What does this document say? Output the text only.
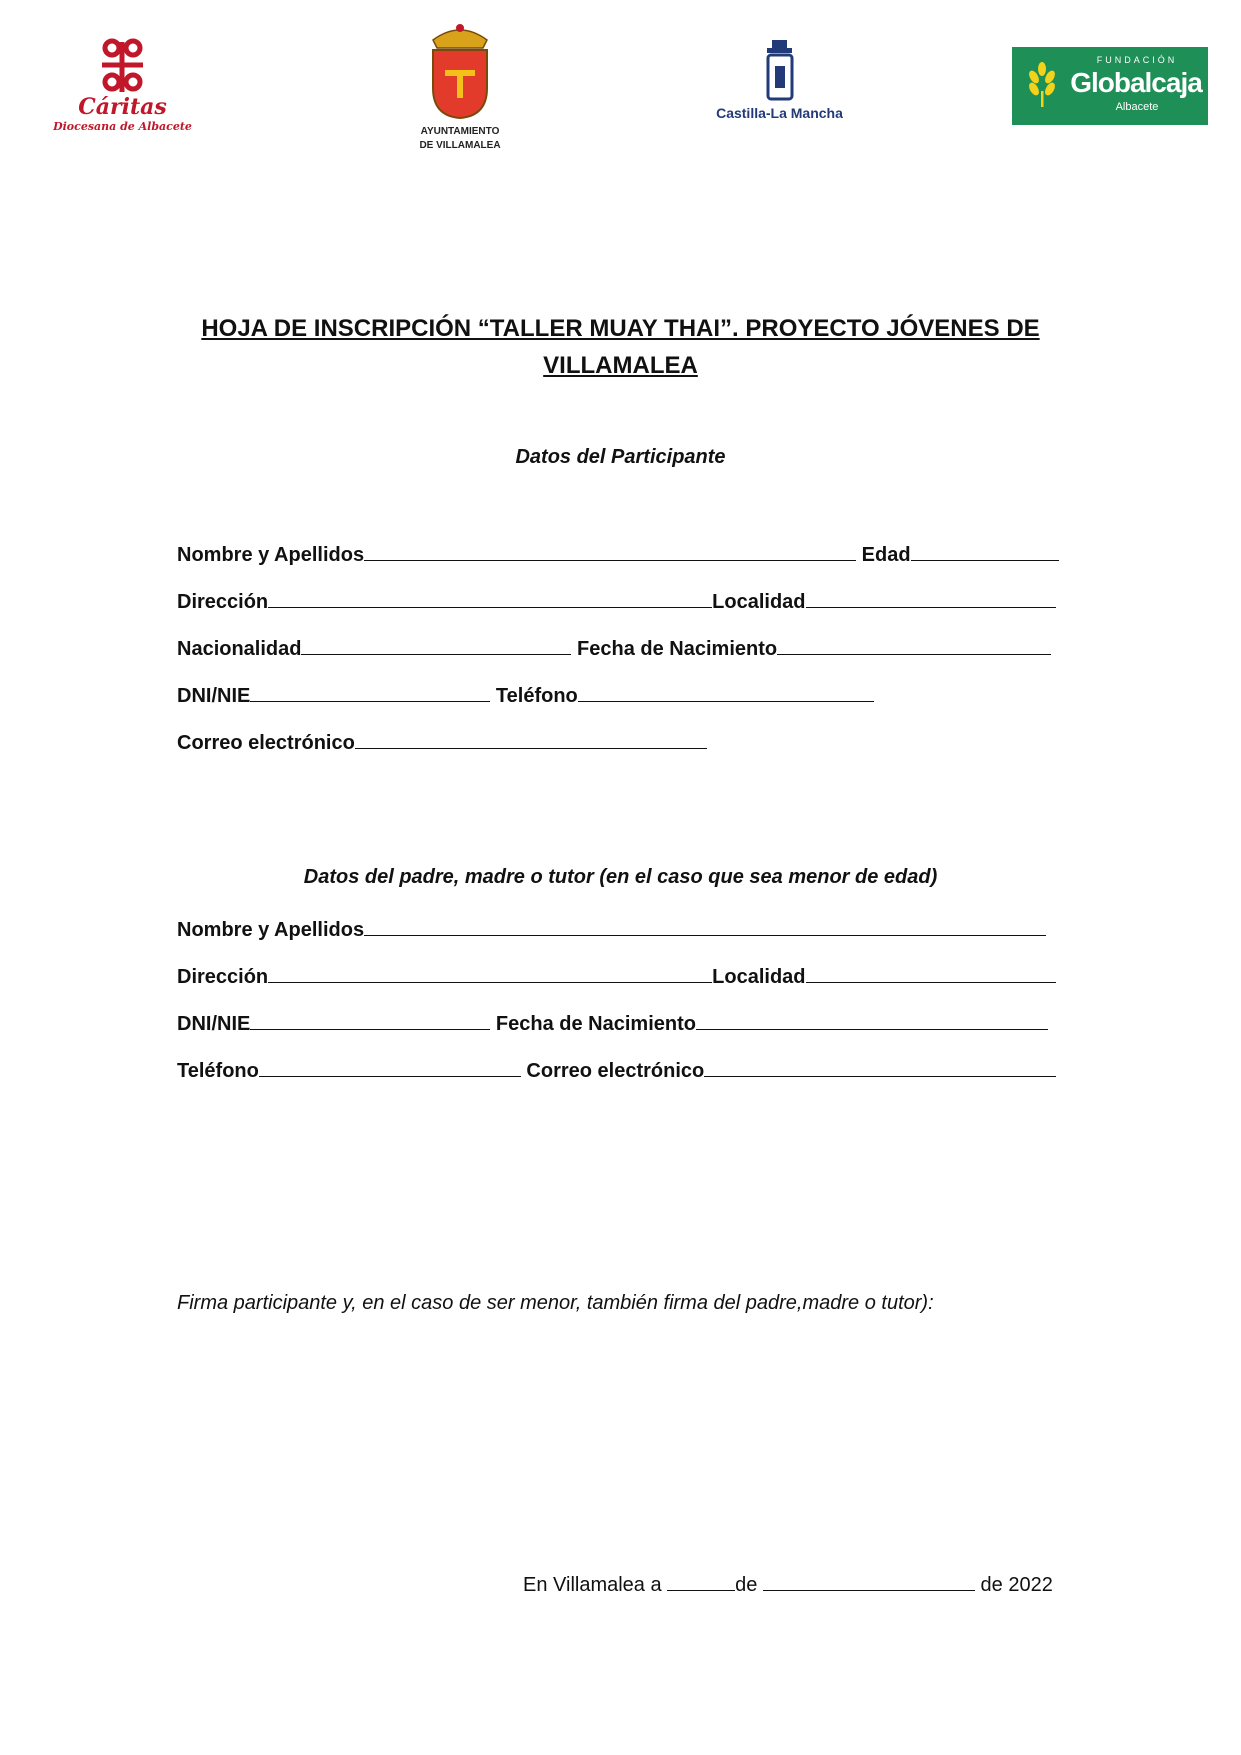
Cáritas
Diocesana de Albacete	AYUNTAMIENTO
DE VILLAMALEA
Castilla-La Mancha
FUNDACIÓN
Globalcaja
Albacete
HOJA DE INSCRIPCIÓN “TALLER MUAY THAI”. PROYECTO JÓVENES DE
VILLAMALEA
Datos del Participante
Nombre y Apellidos	Edad
Dirección	Localidad
Nacionalidad	Fecha de Nacimiento
DNI/NIE	Teléfono
Correo electrónico
Datos del padre, madre o tutor (en el caso que sea menor de edad)
Nombre y Apellidos
Dirección	Localidad
DNI/NIE	Fecha de Nacimiento
Teléfono	Correo electrónico
Firma participante y, en el caso de ser menor, también firma del padre,madre o tutor):
En Villamalea a	de	de 2022
